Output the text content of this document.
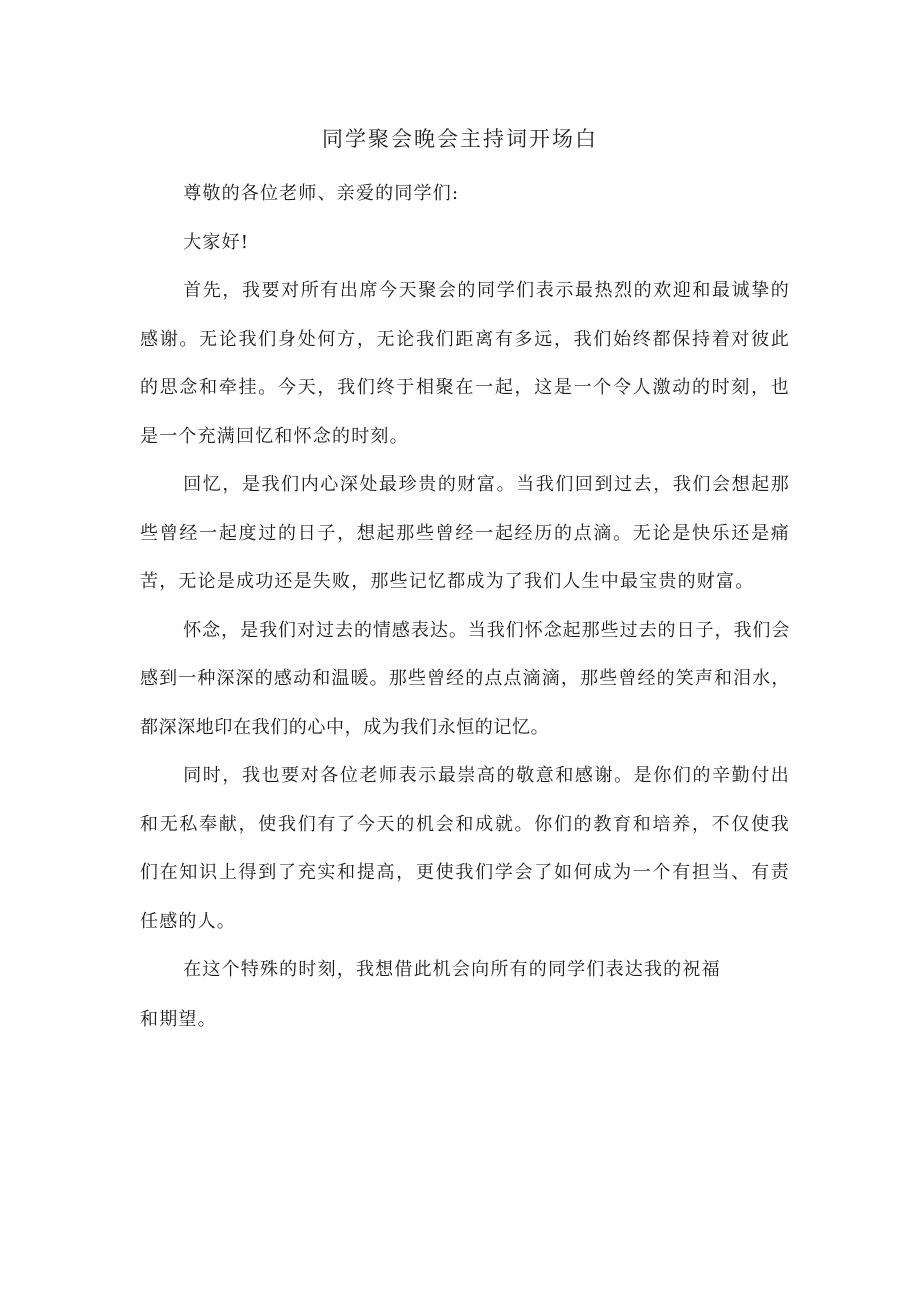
同学聚会晚会主持词开场白

尊敬的各位老师、亲爱的同学们:

大家好!

首先，我要对所有出席今天聚会的同学们表示最热烈的欢迎和最诚挚的感谢。无论我们身处何方，无论我们距离有多远，我们始终都保持着对彼此的思念和牵挂。今天，我们终于相聚在一起，这是一个令人激动的时刻，也是一个充满回忆和怀念的时刻。

回忆，是我们内心深处最珍贵的财富。当我们回到过去，我们会想起那些曾经一起度过的日子，想起那些曾经一起经历的点滴。无论是快乐还是痛苦，无论是成功还是失败，那些记忆都成为了我们人生中最宝贵的财富。

怀念，是我们对过去的情感表达。当我们怀念起那些过去的日子，我们会感到一种深深的感动和温暖。那些曾经的点点滴滴，那些曾经的笑声和泪水，都深深地印在我们的心中，成为我们永恒的记忆。

同时，我也要对各位老师表示最崇高的敬意和感谢。是你们的辛勤付出和无私奉献，使我们有了今天的机会和成就。你们的教育和培养，不仅使我们在知识上得到了充实和提高，更使我们学会了如何成为一个有担当、有责任感的人。

在这个特殊的时刻，我想借此机会向所有的同学们表达我的祝福

和期望。
